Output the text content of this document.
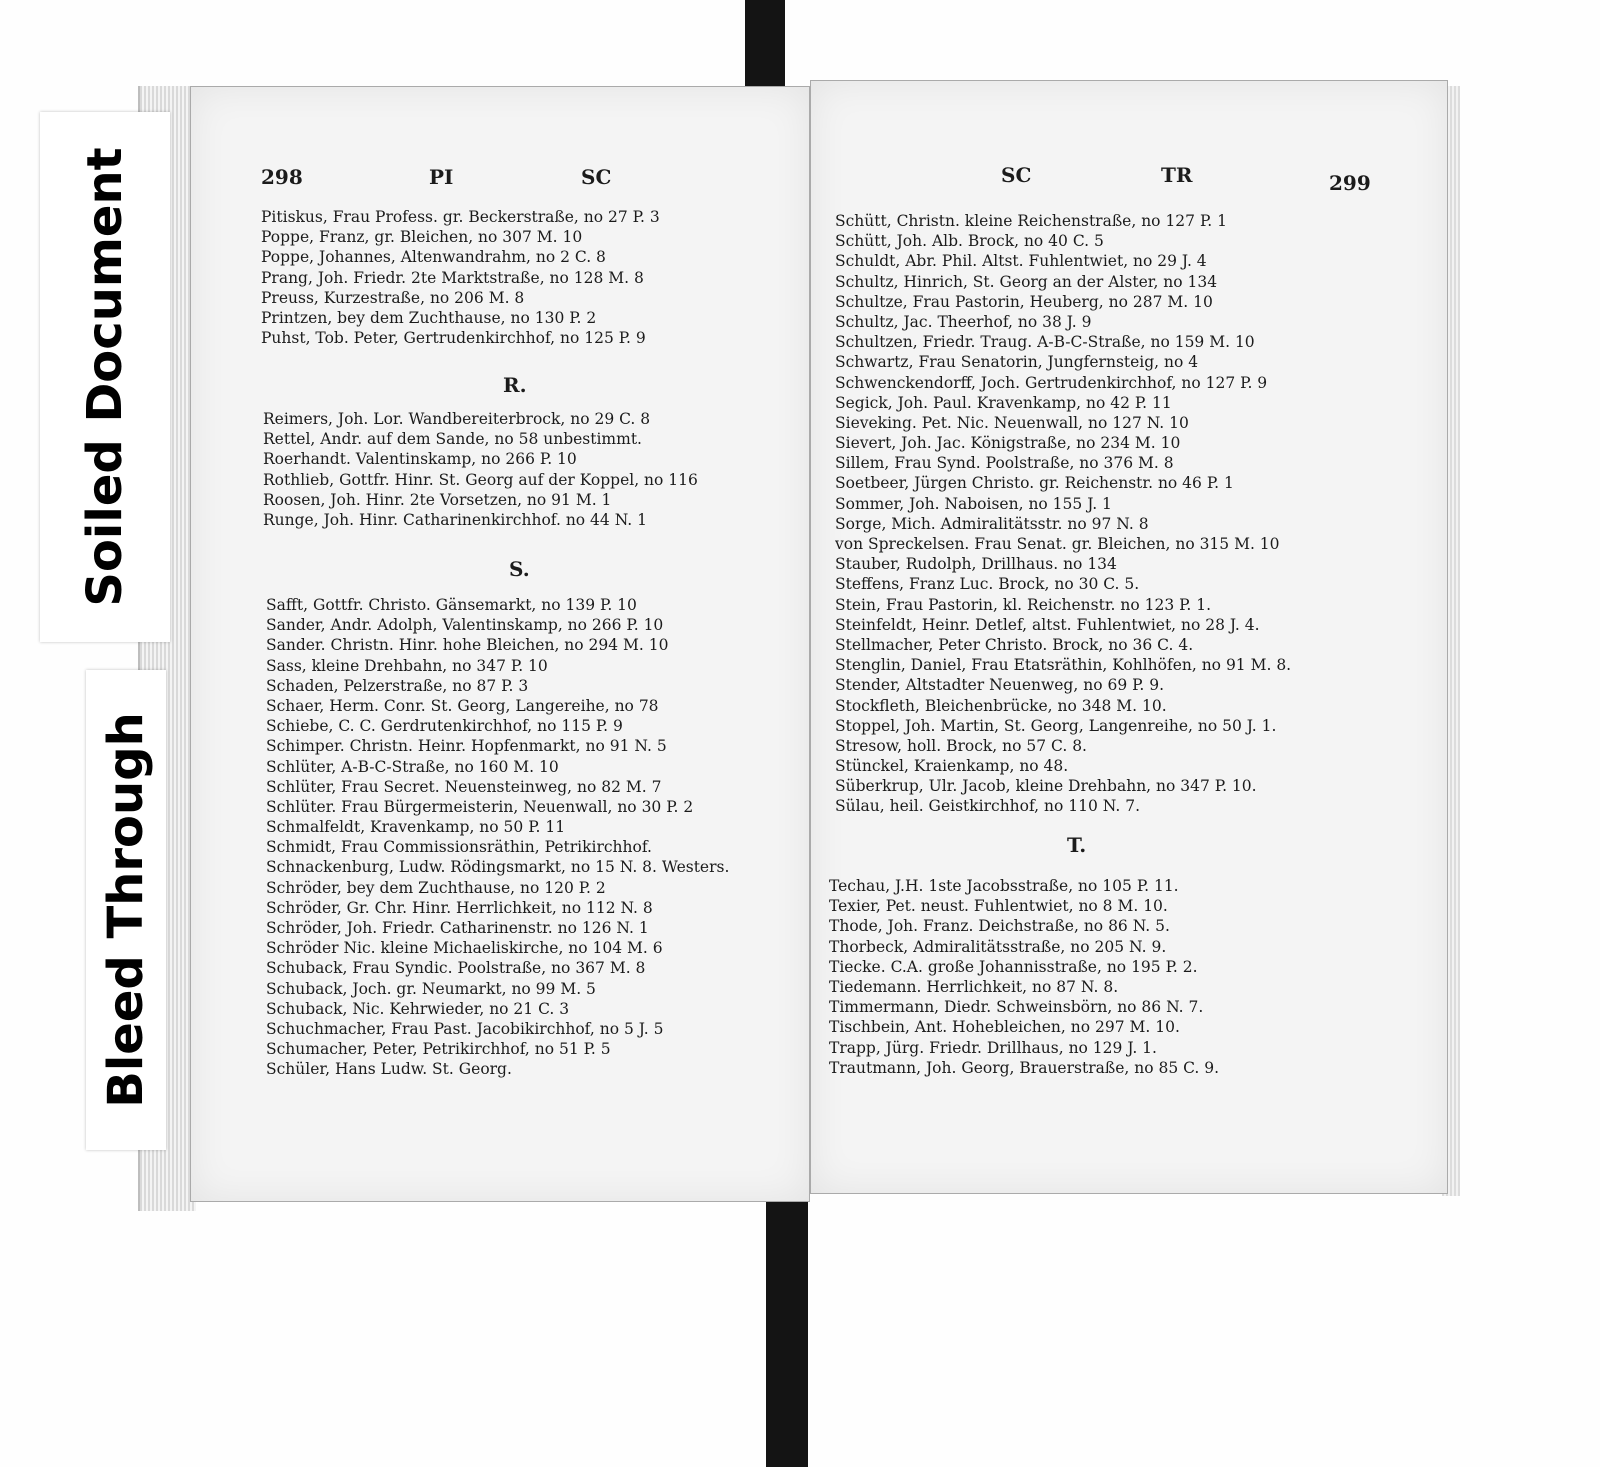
298	PI	SC
Pitiskus, Frau Profess. gr. Beckerstraße, no 27 P. 3
Poppe, Franz, gr. Bleichen, no 307 M. 10
Poppe, Johannes, Altenwandrahm, no 2 C. 8
Prang, Joh. Friedr. 2te Marktstraße, no 128 M. 8
Preuss, Kurzestraße, no 206 M. 8
Printzen, bey dem Zuchthause, no 130 P. 2
Puhst, Tob. Peter, Gertrudenkirchhof, no 125 P. 9
R.
Reimers, Joh. Lor. Wandbereiterbrock, no 29 C. 8
Rettel, Andr. auf dem Sande, no 58 unbestimmt.
Roerhandt. Valentinskamp, no 266 P. 10
Rothlieb, Gottfr. Hinr. St. Georg auf der Koppel, no 116
Roosen, Joh. Hinr. 2te Vorsetzen, no 91 M. 1
Runge, Joh. Hinr. Catharinenkirchhof. no 44 N. 1
S.
Safft, Gottfr. Christo. Gänsemarkt, no 139 P. 10
Sander, Andr. Adolph, Valentinskamp, no 266 P. 10
Sander. Christn. Hinr. hohe Bleichen, no 294 M. 10
Sass, kleine Drehbahn, no 347 P. 10
Schaden, Pelzerstraße, no 87 P. 3
Schaer, Herm. Conr. St. Georg, Langereihe, no 78
Schiebe, C. C. Gerdrutenkirchhof, no 115 P. 9
Schimper. Christn. Heinr. Hopfenmarkt, no 91 N. 5
Schlüter, A-B-C-Straße, no 160 M. 10
Schlüter, Frau Secret. Neuensteinweg, no 82 M. 7
Schlüter. Frau Bürgermeisterin, Neuenwall, no 30 P. 2
Schmalfeldt, Kravenkamp, no 50 P. 11
Schmidt, Frau Commissionsräthin, Petrikirchhof.
Schnackenburg, Ludw. Rödingsmarkt, no 15 N. 8. Westers.
Schröder, bey dem Zuchthause, no 120 P. 2
Schröder, Gr. Chr. Hinr. Herrlichkeit, no 112 N. 8
Schröder, Joh. Friedr. Catharinenstr. no 126 N. 1
Schröder Nic. kleine Michaeliskirche, no 104 M. 6
Schuback, Frau Syndic. Poolstraße, no 367 M. 8
Schuback, Joch. gr. Neumarkt, no 99 M. 5
Schuback, Nic. Kehrwieder, no 21 C. 3
Schuchmacher, Frau Past. Jacobikirchhof, no 5 J. 5
Schumacher, Peter, Petrikirchhof, no 51 P. 5
Schüler, Hans Ludw. St. Georg.
SC	TR	299
Schütt, Christn. kleine Reichenstraße, no 127 P. 1
Schütt, Joh. Alb. Brock, no 40 C. 5
Schuldt, Abr. Phil. Altst. Fuhlentwiet, no 29 J. 4
Schultz, Hinrich, St. Georg an der Alster, no 134
Schultze, Frau Pastorin, Heuberg, no 287 M. 10
Schultz, Jac. Theerhof, no 38 J. 9
Schultzen, Friedr. Traug. A-B-C-Straße, no 159 M. 10
Schwartz, Frau Senatorin, Jungfernsteig, no 4
Schwenckendorff, Joch. Gertrudenkirchhof, no 127 P. 9
Segick, Joh. Paul. Kravenkamp, no 42 P. 11
Sieveking. Pet. Nic. Neuenwall, no 127 N. 10
Sievert, Joh. Jac. Königstraße, no 234 M. 10
Sillem, Frau Synd. Poolstraße, no 376 M. 8
Soetbeer, Jürgen Christo. gr. Reichenstr. no 46 P. 1
Sommer, Joh. Naboisen, no 155 J. 1
Sorge, Mich. Admiralitätsstr. no 97 N. 8
von Spreckelsen. Frau Senat. gr. Bleichen, no 315 M. 10
Stauber, Rudolph, Drillhaus. no 134
Steffens, Franz Luc. Brock, no 30 C. 5.
Stein, Frau Pastorin, kl. Reichenstr. no 123 P. 1.
Steinfeldt, Heinr. Detlef, altst. Fuhlentwiet, no 28 J. 4.
Stellmacher, Peter Christo. Brock, no 36 C. 4.
Stenglin, Daniel, Frau Etatsräthin, Kohlhöfen, no 91 M. 8.
Stender, Altstadter Neuenweg, no 69 P. 9.
Stockfleth, Bleichenbrücke, no 348 M. 10.
Stoppel, Joh. Martin, St. Georg, Langenreihe, no 50 J. 1.
Stresow, holl. Brock, no 57 C. 8.
Stünckel, Kraienkamp, no 48.
Süberkrup, Ulr. Jacob, kleine Drehbahn, no 347 P. 10.
Sülau, heil. Geistkirchhof, no 110 N. 7.
T.
Techau, J.H. 1ste Jacobsstraße, no 105 P. 11.
Texier, Pet. neust. Fuhlentwiet, no 8 M. 10.
Thode, Joh. Franz. Deichstraße, no 86 N. 5.
Thorbeck, Admiralitätsstraße, no 205 N. 9.
Tiecke. C.A. große Johannisstraße, no 195 P. 2.
Tiedemann. Herrlichkeit, no 87 N. 8.
Timmermann, Diedr. Schweinsbörn, no 86 N. 7.
Tischbein, Ant. Hohebleichen, no 297 M. 10.
Trapp, Jürg. Friedr. Drillhaus, no 129 J. 1.
Trautmann, Joh. Georg, Brauerstraße, no 85 C. 9.
Soiled Document
Bleed Through
